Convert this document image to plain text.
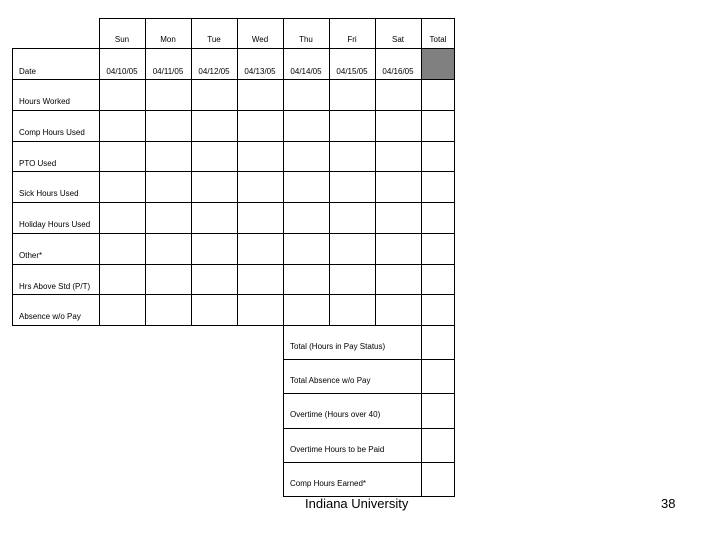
Sun	Mon	Tue	Wed	Thu	Fri	Sat	Total
Date	04/10/05	04/11/05	04/12/05	04/13/05	04/14/05	04/15/05	04/16/05
Hours Worked
Comp Hours Used
PTO Used
Sick Hours Used
Holiday Hours Used
Other*
Hrs Above Std (P/T)
Absence w/o Pay
Total (Hours in Pay Status)
Total Absence w/o Pay
Overtime (Hours over 40)
Overtime Hours to be Paid
Comp Hours Earned*
Indiana University	38
